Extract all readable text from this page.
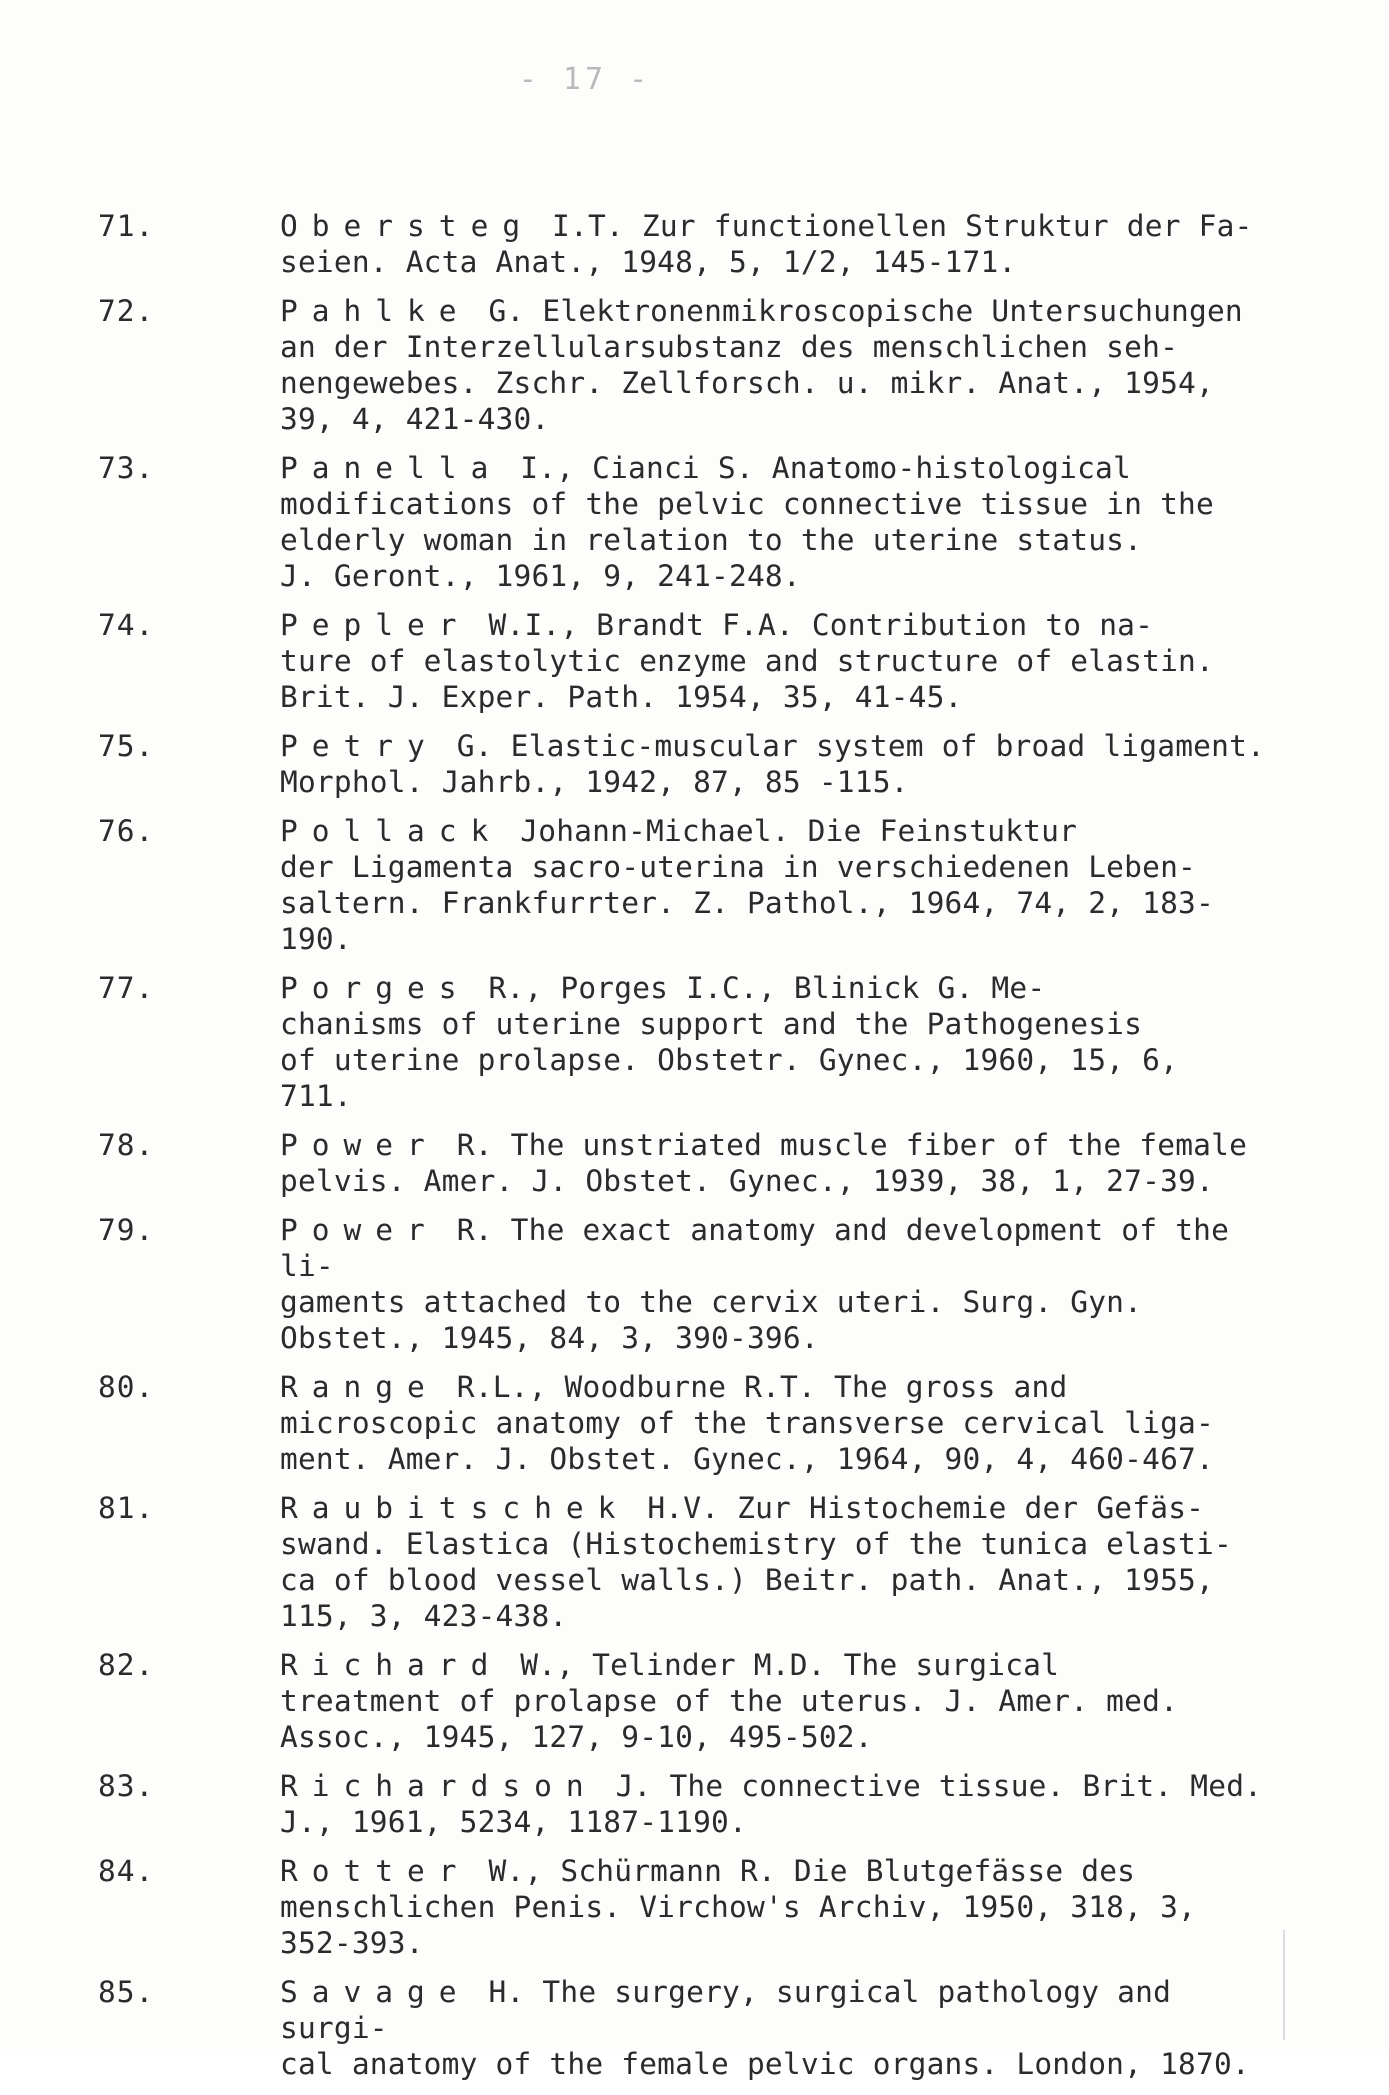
- 17 -
71.	Obersteg I.T. Zur functionellen Struktur der Fa-
seien. Acta Anat., 1948, 5, 1/2, 145-171.
72.	Pahlke G. Elektronenmikroscopische Untersuchungen
an der Interzellularsubstanz des menschlichen seh-
nengewebes. Zschr. Zellforsch. u. mikr. Anat., 1954,
39, 4, 421-430.
73.	Panella I., Cianci S. Anatomo-histological
modifications of the pelvic connective tissue in the
elderly woman in relation to the uterine status.
J. Geront., 1961, 9, 241-248.
74.	Pepler W.I., Brandt F.A. Contribution to na-
ture of elastolytic enzyme and structure of elastin.
Brit. J. Exper. Path. 1954, 35, 41-45.
75.	Petry G. Elastic-muscular system of broad ligament.
Morphol. Jahrb., 1942, 87, 85 -115.
76.	Pollack Johann-Michael. Die Feinstuktur
der Ligamenta sacro-uterina in verschiedenen Leben-
saltern. Frankfurrter. Z. Pathol., 1964, 74, 2, 183-
190.
77.	Porges R., Porges I.C., Blinick G. Me-
chanisms of uterine support and the Pathogenesis
of uterine prolapse. Obstetr. Gynec., 1960, 15, 6,
711.
78.	Power R. The unstriated muscle fiber of the female
pelvis. Amer. J. Obstet. Gynec., 1939, 38, 1, 27-39.
79.	Power R. The exact anatomy and development of the li-
gaments attached to the cervix uteri. Surg. Gyn.
Obstet., 1945, 84, 3, 390-396.
80.	Range R.L., Woodburne R.T. The gross and
microscopic anatomy of the transverse cervical liga-
ment. Amer. J. Obstet. Gynec., 1964, 90, 4, 460-467.
81.	Raubitschek H.V. Zur Histochemie der Gefäs-
swand. Elastica (Histochemistry of the tunica elasti-
ca of blood vessel walls.) Beitr. path. Anat., 1955,
115, 3, 423-438.
82.	Richard W., Telinder M.D. The surgical
treatment of prolapse of the uterus. J. Amer. med.
Assoc., 1945, 127, 9-10, 495-502.
83.	Richardson J. The connective tissue. Brit. Med.
J., 1961, 5234, 1187-1190.
84.	Rotter W., Schürmann R. Die Blutgefässe des
menschlichen Penis. Virchow's Archiv, 1950, 318, 3,
352-393.
85.	Savage H. The surgery, surgical pathology and surgi-
cal anatomy of the female pelvic organs. London, 1870.
